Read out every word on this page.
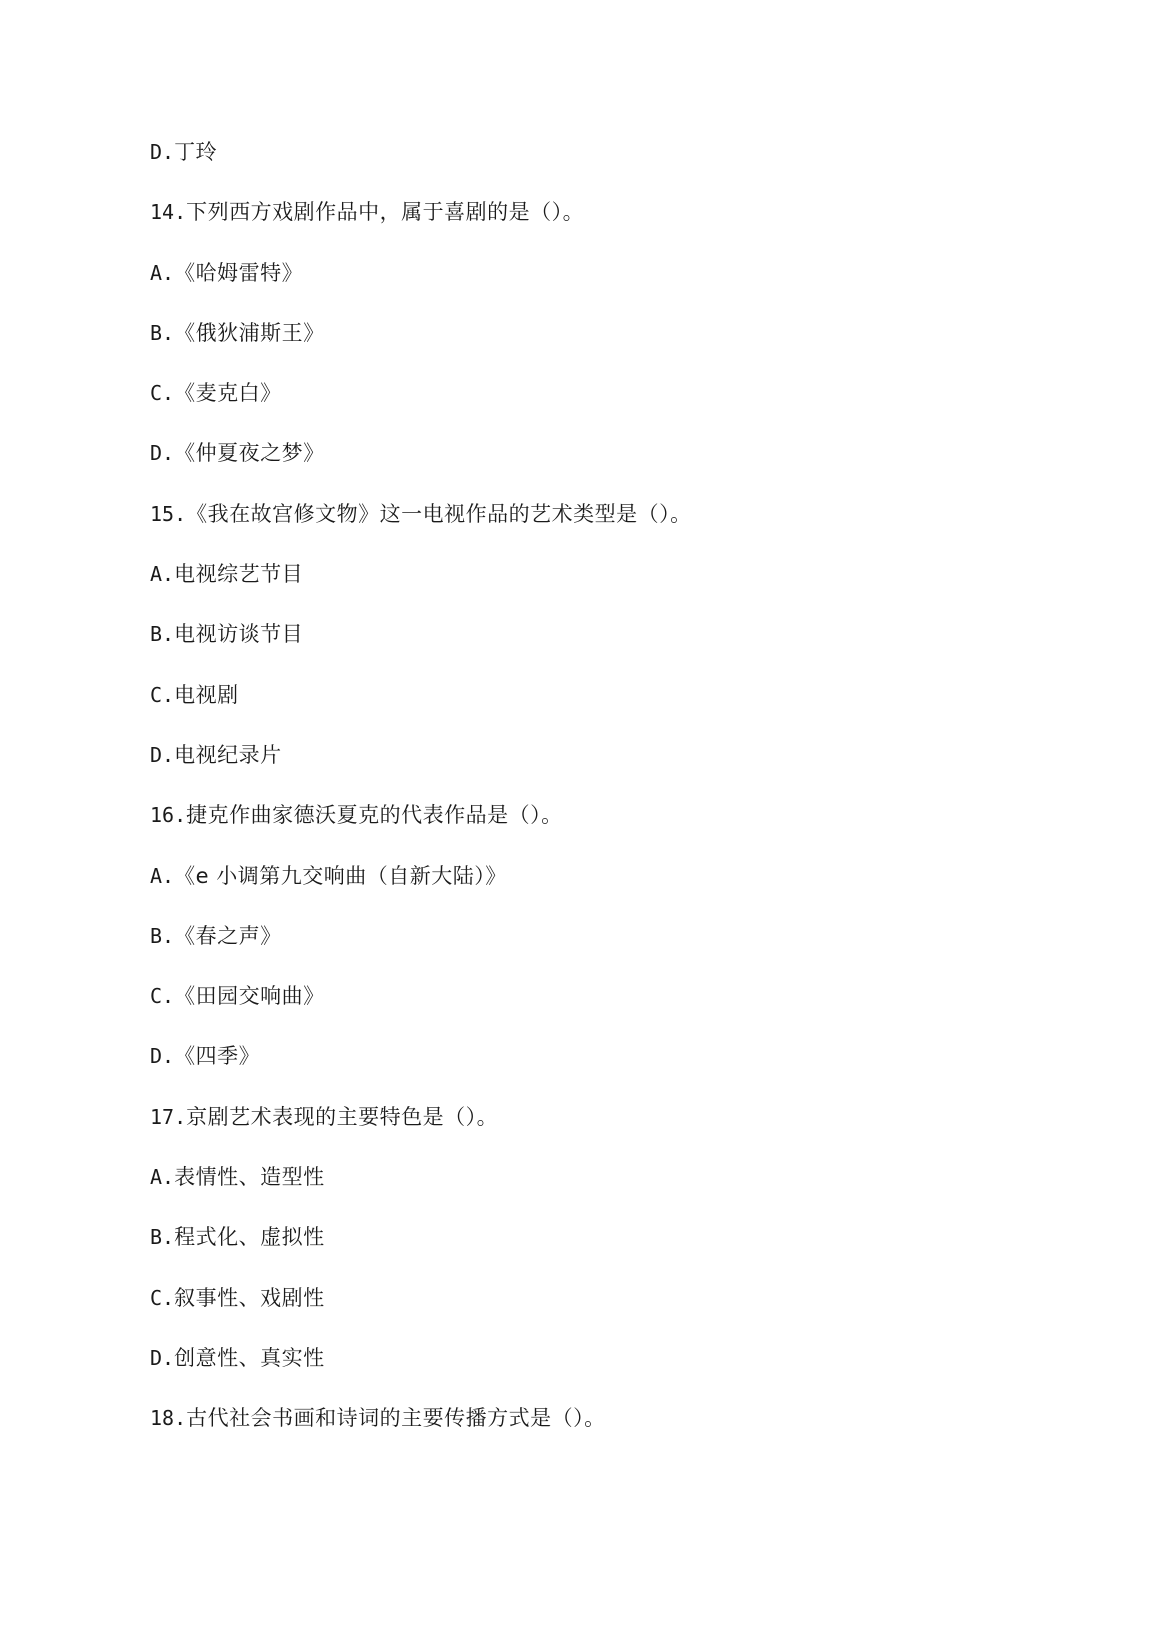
D.丁玲
14.下列西方戏剧作品中，属于喜剧的是（）。
A.《哈姆雷特》
B.《俄狄浦斯王》
C.《麦克白》
D.《仲夏夜之梦》
15.《我在故宫修文物》这一电视作品的艺术类型是（）。
A.电视综艺节目
B.电视访谈节目
C.电视剧
D.电视纪录片
16.捷克作曲家德沃夏克的代表作品是（）。
A.《e 小调第九交响曲（自新大陆）》
B.《春之声》
C.《田园交响曲》
D.《四季》
17.京剧艺术表现的主要特色是（）。
A.表情性、造型性
B.程式化、虚拟性
C.叙事性、戏剧性
D.创意性、真实性
18.古代社会书画和诗词的主要传播方式是（）。
